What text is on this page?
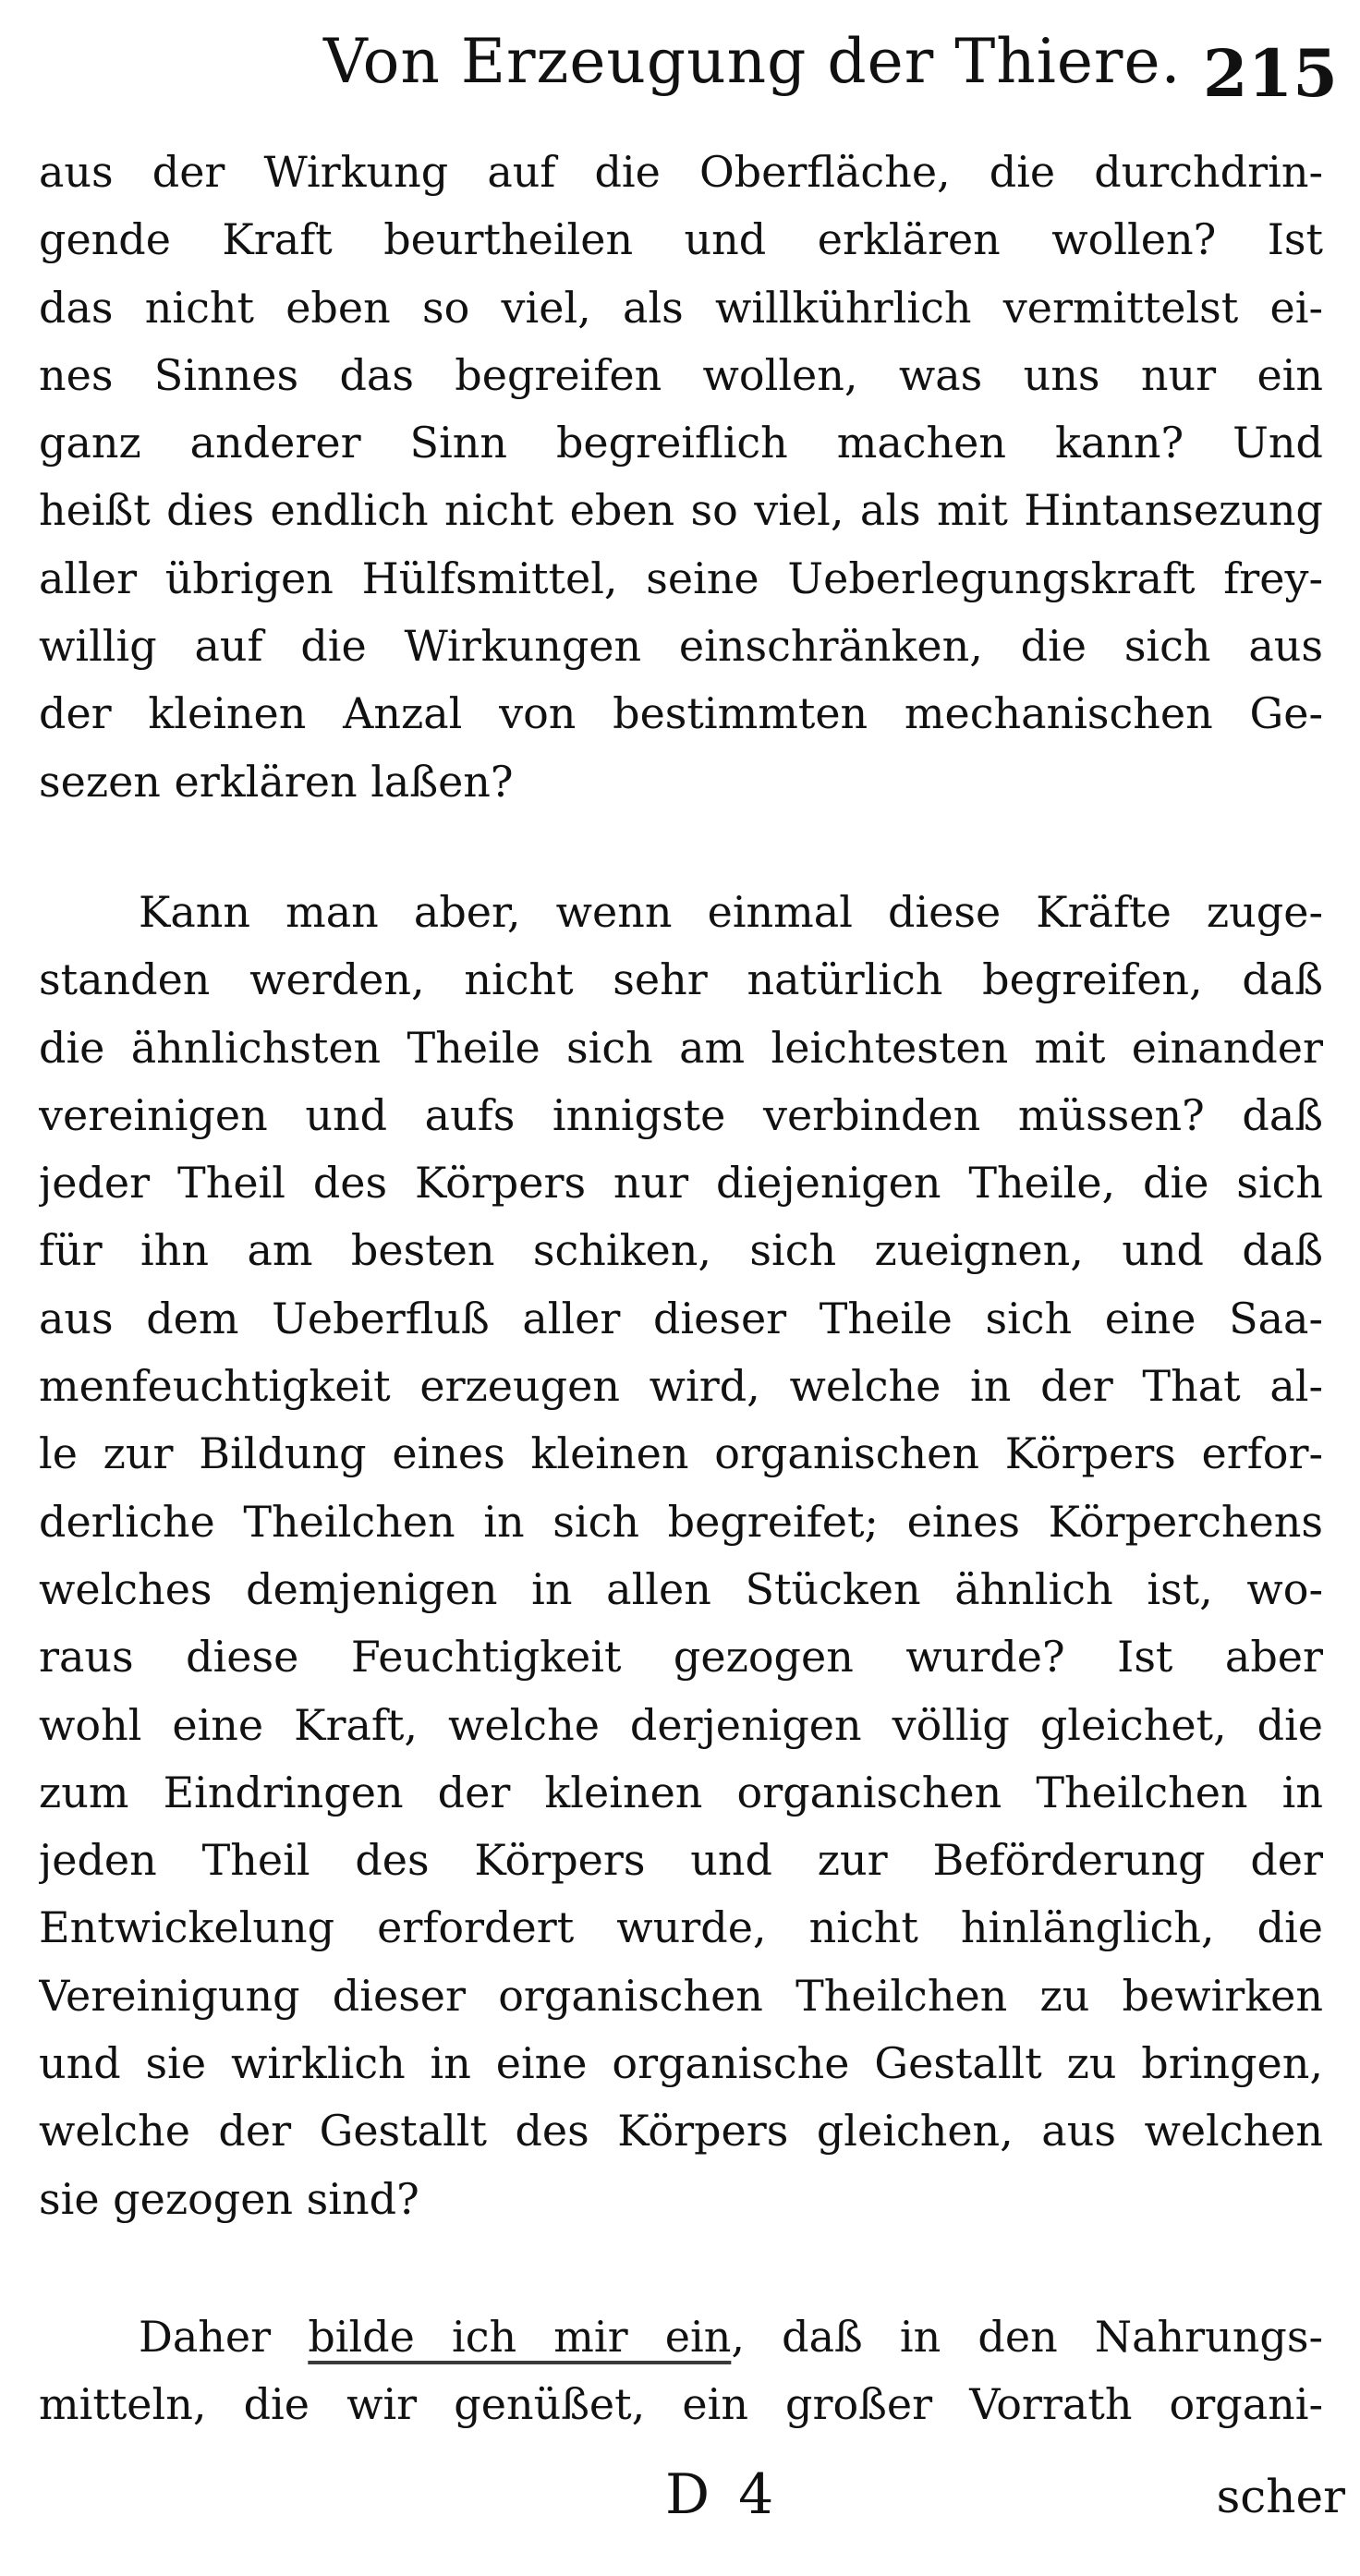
Von Erzeugung der Thiere. 215
aus der Wirkung auf die Oberfläche, die durchdrin-
gende Kraft beurtheilen und erklären wollen? Ist
das nicht eben so viel, als willkührlich vermittelst ei-
nes Sinnes das begreifen wollen, was uns nur ein
ganz anderer Sinn begreiflich machen kann? Und
heißt dies endlich nicht eben so viel, als mit Hintansezung
aller übrigen Hülfsmittel, seine Ueberlegungskraft frey-
willig auf die Wirkungen einschränken, die sich aus
der kleinen Anzal von bestimmten mechanischen Ge-
sezen erklären laßen?
Kann man aber, wenn einmal diese Kräfte zuge-
standen werden, nicht sehr natürlich begreifen, daß
die ähnlichsten Theile sich am leichtesten mit einander
vereinigen und aufs innigste verbinden müssen? daß
jeder Theil des Körpers nur diejenigen Theile, die sich
für ihn am besten schiken, sich zueignen, und daß
aus dem Ueberfluß aller dieser Theile sich eine Saa-
menfeuchtigkeit erzeugen wird, welche in der That al-
le zur Bildung eines kleinen organischen Körpers erfor-
derliche Theilchen in sich begreifet; eines Körperchens
welches demjenigen in allen Stücken ähnlich ist, wo-
raus diese Feuchtigkeit gezogen wurde? Ist aber
wohl eine Kraft, welche derjenigen völlig gleichet, die
zum Eindringen der kleinen organischen Theilchen in
jeden Theil des Körpers und zur Beförderung der
Entwickelung erfordert wurde, nicht hinlänglich, die
Vereinigung dieser organischen Theilchen zu bewirken
und sie wirklich in eine organische Gestallt zu bringen,
welche der Gestallt des Körpers gleichen, aus welchen
sie gezogen sind?
Daher bilde ich mir ein, daß in den Nahrungs-
mitteln, die wir genüßet, ein großer Vorrath organi-
D 4	scher
